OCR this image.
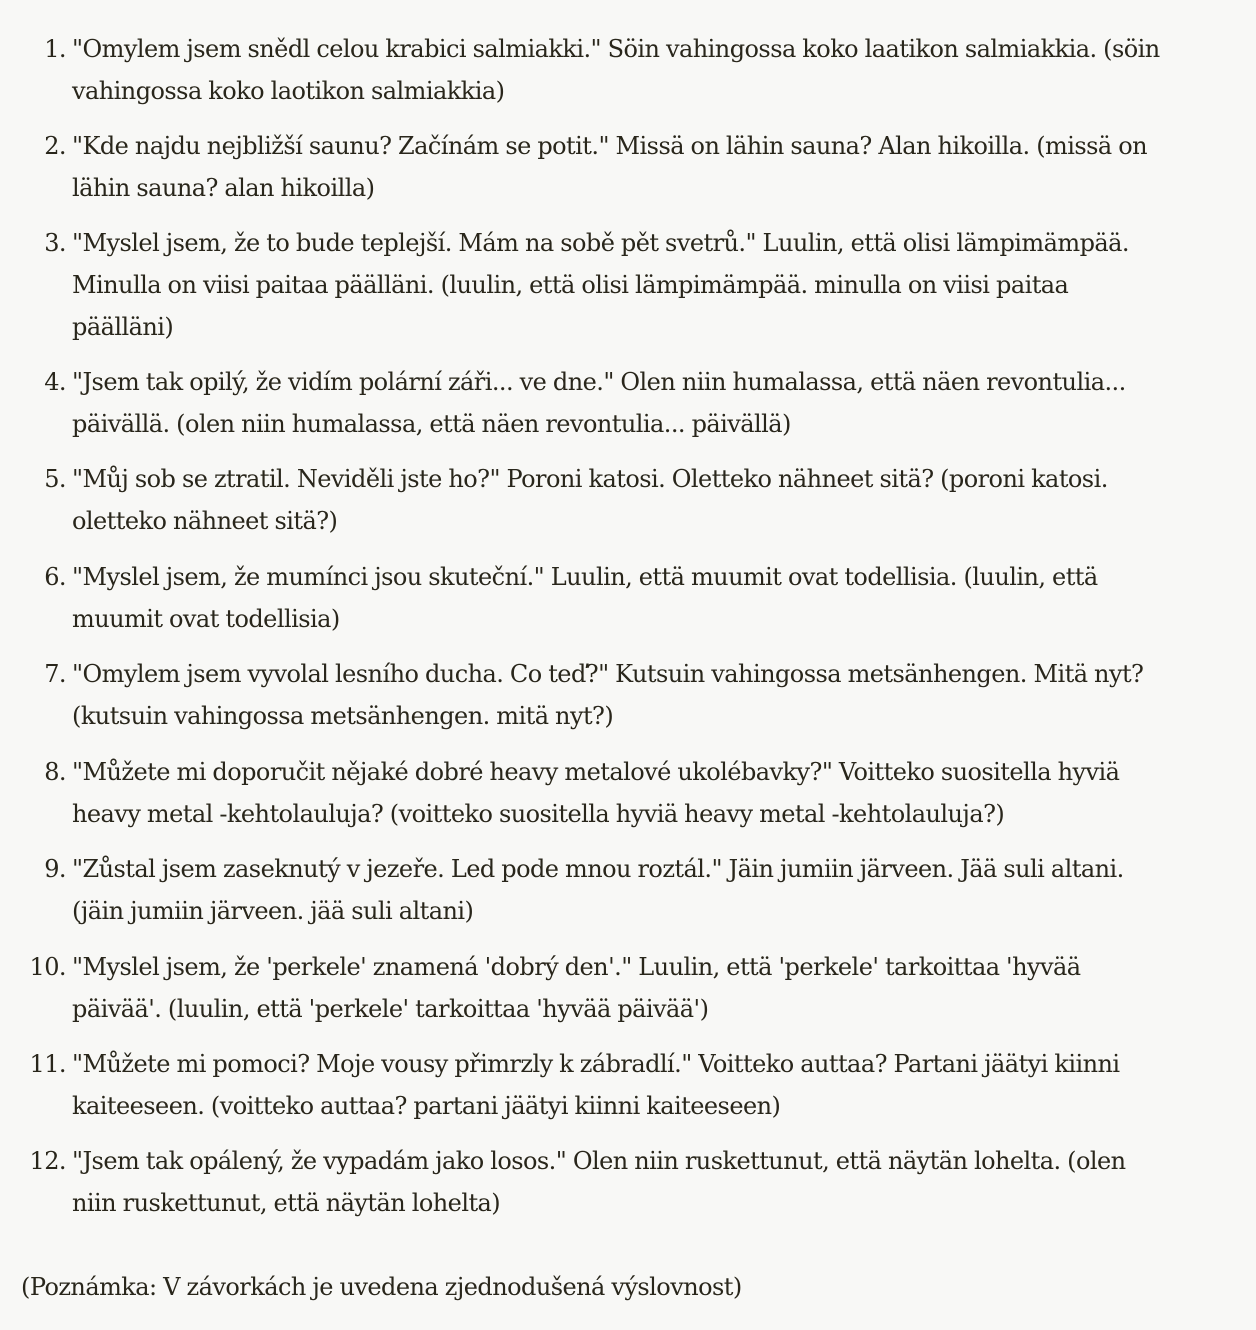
1. "Omylem jsem snědl celou krabici salmiakki." Söin vahingossa koko laatikon salmiakkia. (söin vahingossa koko laotikon salmiakkia)
2. "Kde najdu nejbližší saunu? Začínám se potit." Missä on lähin sauna? Alan hikoilla. (missä on lähin sauna? alan hikoilla)
3. "Myslel jsem, že to bude teplejší. Mám na sobě pět svetrů." Luulin, että olisi lämpimämpää. Minulla on viisi paitaa päälläni. (luulin, että olisi lämpimämpää. minulla on viisi paitaa päälläni)
4. "Jsem tak opilý, že vidím polární záři... ve dne." Olen niin humalassa, että näen revontulia... päivällä. (olen niin humalassa, että näen revontulia... päivällä)
5. "Můj sob se ztratil. Neviděli jste ho?" Poroni katosi. Oletteko nähneet sitä? (poroni katosi. oletteko nähneet sitä?)
6. "Myslel jsem, že mumínci jsou skuteční." Luulin, että muumit ovat todellisia. (luulin, että muumit ovat todellisia)
7. "Omylem jsem vyvolal lesního ducha. Co teď?" Kutsuin vahingossa metsänhengen. Mitä nyt? (kutsuin vahingossa metsänhengen. mitä nyt?)
8. "Můžete mi doporučit nějaké dobré heavy metalové ukolébavky?" Voitteko suositella hyviä heavy metal -kehtolauluja? (voitteko suositella hyviä heavy metal -kehtolauluja?)
9. "Zůstal jsem zaseknutý v jezeře. Led pode mnou roztál." Jäin jumiin järveen. Jää suli altani. (jäin jumiin järveen. jää suli altani)
10. "Myslel jsem, že 'perkele' znamená 'dobrý den'." Luulin, että 'perkele' tarkoittaa 'hyvää päivää'. (luulin, että 'perkele' tarkoittaa 'hyvää päivää')
11. "Můžete mi pomoci? Moje vousy přimrzly k zábradlí." Voitteko auttaa? Partani jäätyi kiinni kaiteeseen. (voitteko auttaa? partani jäätyi kiinni kaiteeseen)
12. "Jsem tak opálený, že vypadám jako losos." Olen niin ruskettunut, että näytän lohelta. (olen niin ruskettunut, että näytän lohelta)

(Poznámka: V závorkách je uvedena zjednodušená výslovnost)
